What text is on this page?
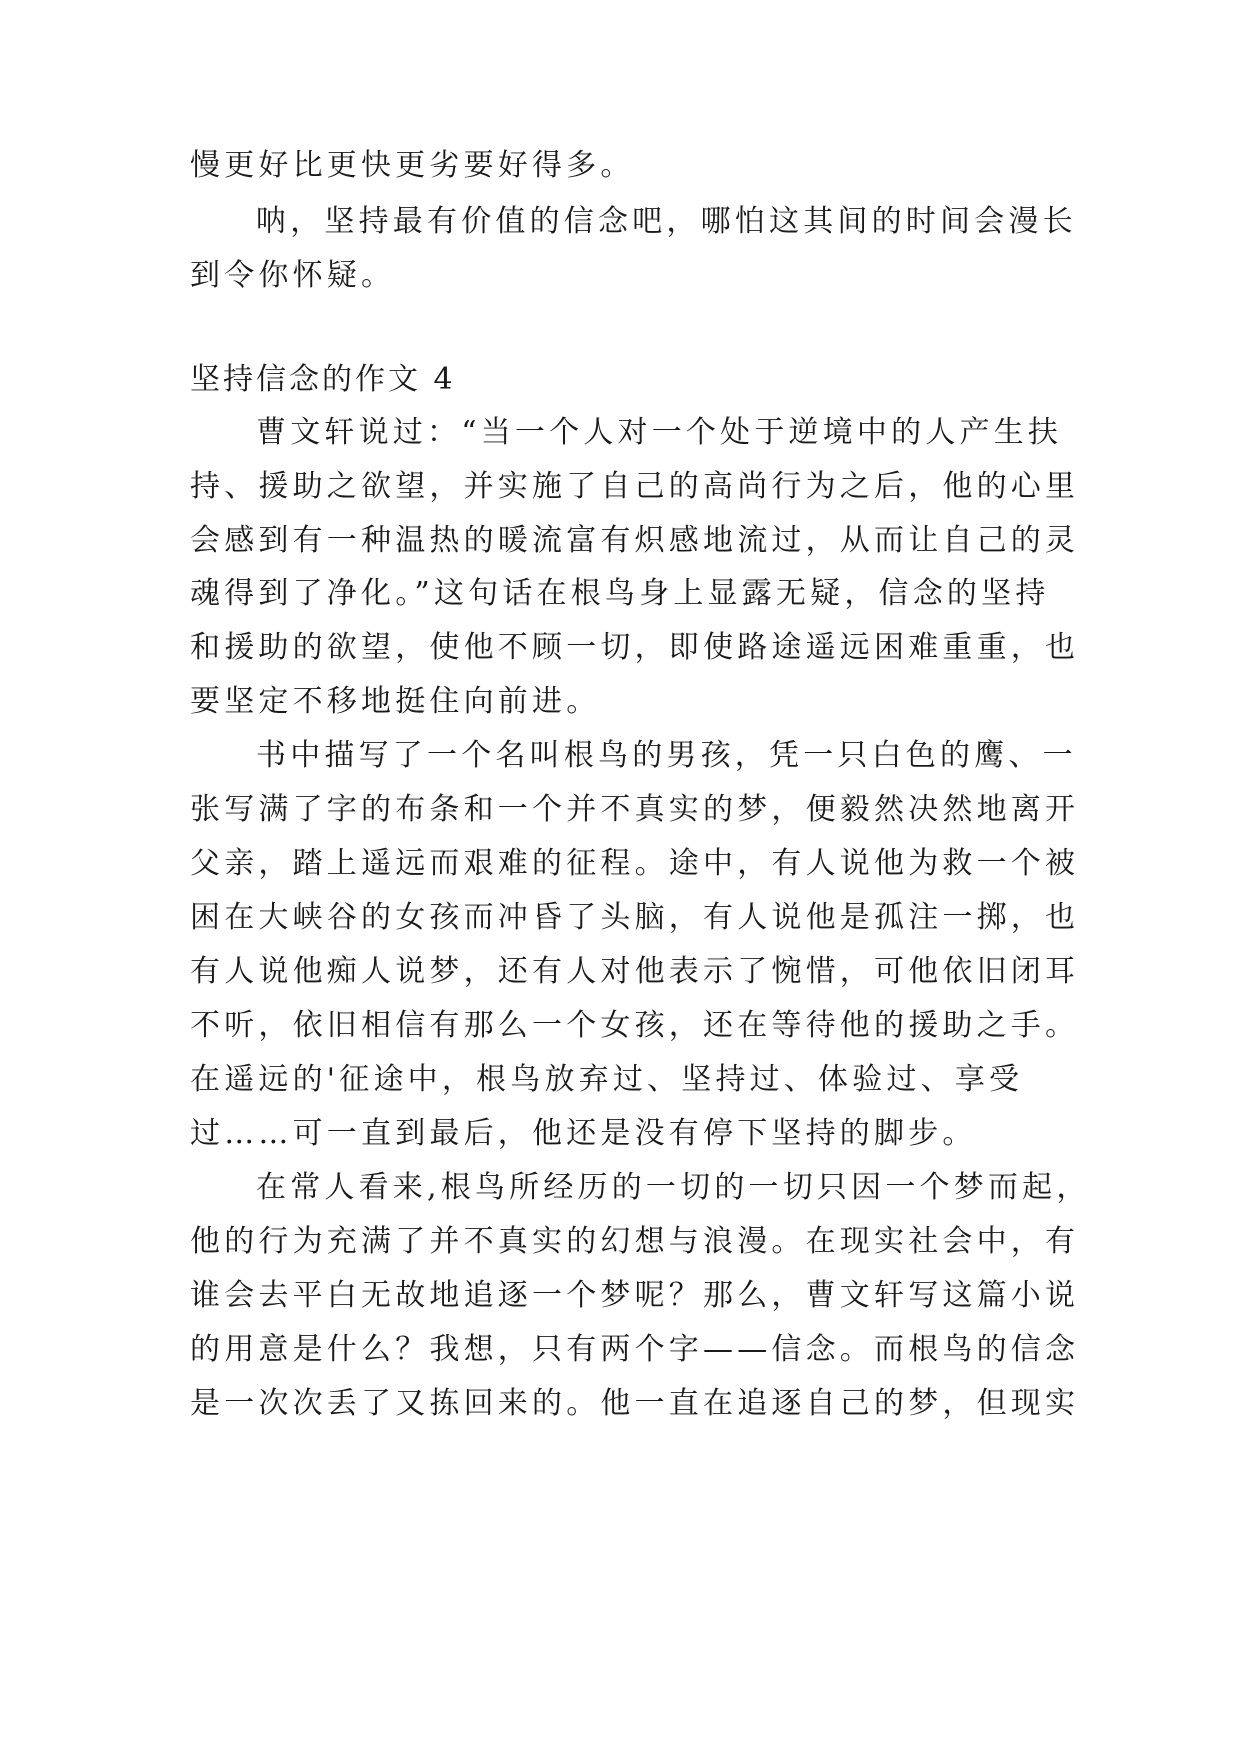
慢更好比更快更劣要好得多。
呐，坚持最有价值的信念吧，哪怕这其间的时间会漫长
到令你怀疑。
坚持信念的作文 4
曹文轩说过：“当一个人对一个处于逆境中的人产生扶
持、援助之欲望，并实施了自己的高尚行为之后，他的心里
会感到有一种温热的暖流富有炽感地流过，从而让自己的灵
魂得到了净化。”这句话在根鸟身上显露无疑，信念的坚持
和援助的欲望，使他不顾一切，即使路途遥远困难重重，也
要坚定不移地挺住向前进。
书中描写了一个名叫根鸟的男孩，凭一只白色的鹰、一
张写满了字的布条和一个并不真实的梦，便毅然决然地离开
父亲，踏上遥远而艰难的征程。途中，有人说他为救一个被
困在大峡谷的女孩而冲昏了头脑，有人说他是孤注一掷，也
有人说他痴人说梦，还有人对他表示了惋惜，可他依旧闭耳
不听，依旧相信有那么一个女孩，还在等待他的援助之手。
在遥远的'征途中，根鸟放弃过、坚持过、体验过、享受
过……可一直到最后，他还是没有停下坚持的脚步。
在常人看来,根鸟所经历的一切的一切只因一个梦而起，
他的行为充满了并不真实的幻想与浪漫。在现实社会中，有
谁会去平白无故地追逐一个梦呢？那么，曹文轩写这篇小说
的用意是什么？我想，只有两个字——信念。而根鸟的信念
是一次次丢了又拣回来的。他一直在追逐自己的梦，但现实
